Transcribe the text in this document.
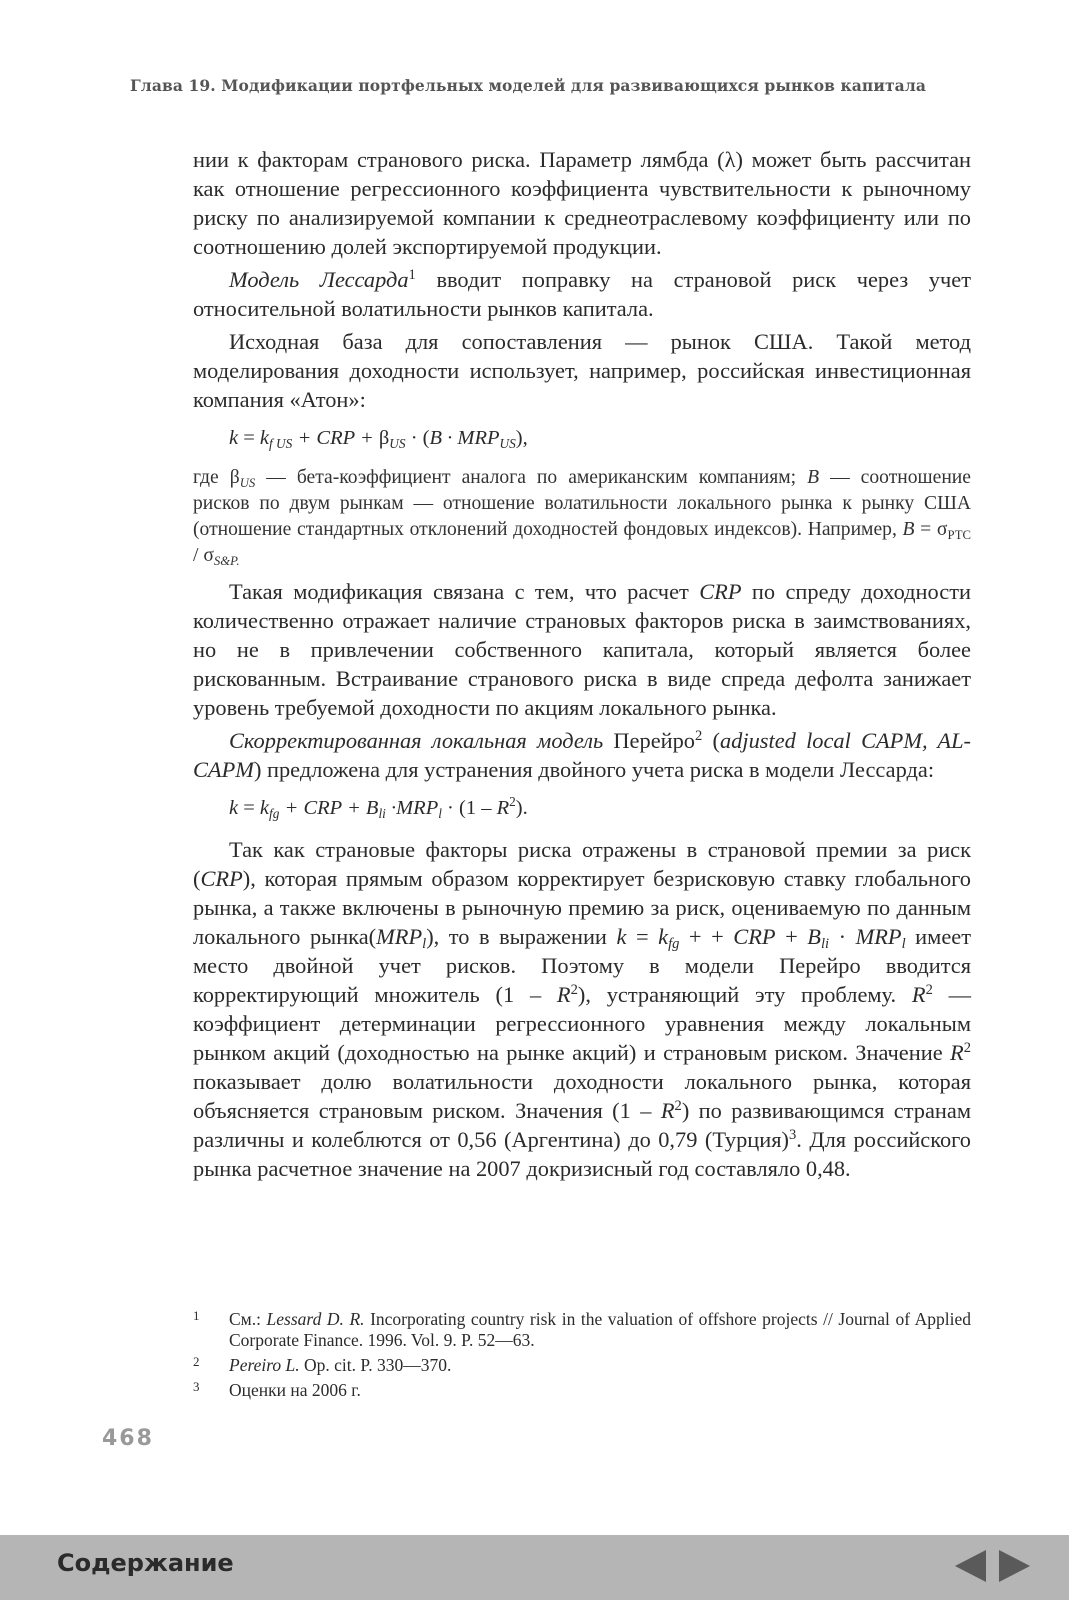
Глава 19. Модификации портфельных моделей для развивающихся рынков капитала

нии к факторам странового риска. Параметр лямбда (λ) может быть рассчитан как отношение регрессионного коэффициента чувствительности к рыночному риску по анализируемой компании к среднеотраслевому коэффициенту или по соотношению долей экспортируемой продукции.

Модель Лессарда$^1$ вводит поправку на страновой риск через учет относительной волатильности рынков капитала.

Исходная база для сопоставления — рынок США. Такой метод моделирования доходности использует, например, российская инвестиционная компания «Атон»:

$k = k_{f US}$ + CRP + $\beta_{US} \cdot (B \cdot MRP_{US})$,

где $\beta_{US}$ — бета-коэффициент аналога по американским компаниям; B — соотношение рисков по двум рынкам — отношение волатильности локального рынка к рынку США (отношение стандартных отклонений доходностей фондовых индексов). Например, $B = \sigma_{РТС} / \sigma_{S\&P.}$

Такая модификация связана с тем, что расчет CRP по спреду доходности количественно отражает наличие страновых факторов риска в заимствованиях, но не в привлечении собственного капитала, который является более рискованным. Встраивание странового риска в виде спреда дефолта занижает уровень требуемой доходности по акциям локального рынка.

Скорректированная локальная модель Перейро$^2$ (adjusted local CAPM, AL-CAPM) предложена для устранения двойного учета риска в модели Лессарда:

$k = k_{fg}$ + CRP + $B_{li} \cdot MRP_l \cdot (1 - R^2)$.

Так как страновые факторы риска отражены в страновой премии за риск (CRP), которая прямым образом корректирует безрисковую ставку глобального рынка, а также включены в рыночную премию за риск, оцениваемую по данным локального $рынка(MRP_l)$, то в выражении $k = k_{fg}$ + + CRP + $B_{li} \cdot MRP_l$ имеет место двойной учет рисков. Поэтому в модели Перейро вводится корректирующий множитель $(1 - R^2)$, устраняющий эту проблему. $R^2$ — коэффициент детерминации регрессионного уравнения между локальным рынком акций (доходностью на рынке акций) и страновым риском. Значение $R^2$ показывает долю волатильности доходности локального рынка, которая объясняется страновым риском. Значения $(1 - R^2)$ по развивающимся странам различны и колеблются от 0,56 (Аргентина) до 0,79 (Турция)$^3$. Для российского рынка расчетное значение на 2007 докризисный год составляло 0,48.

1 См.: Lessard D. R. Incorporating country risk in the valuation of offshore projects // Journal of Applied Corporate Finance. 1996. Vol. 9. P. 52—63.
2 Pereiro L. Op. cit. P. 330—370.
3 Оценки на 2006 г.
468
Содержание
